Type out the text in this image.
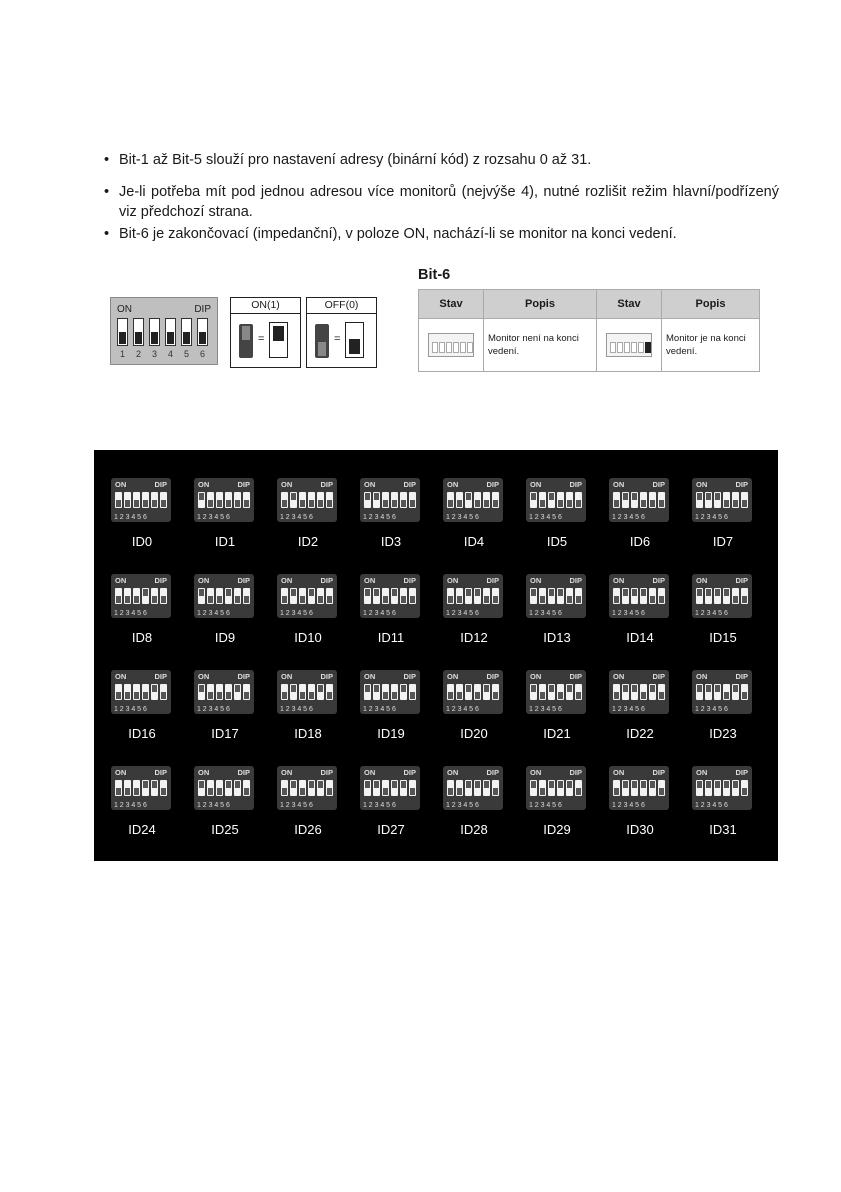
• Bit-1 až Bit-5 slouží pro nastavení adresy (binární kód) z rozsahu 0 až 31.
• Je-li potřeba mít pod jednou adresou více monitorů (nejvýše 4), nutné rozlišit režim hlavní/podřízený viz předchozí strana.
• Bit-6 je zakončovací (impedanční), v poloze ON, nachází-li se monitor na konci vedení.
ON	DIP
1	2	3	4	5	6
ON(1)
=
OFF(0)
=
Bit-6
Stav	Popis	Stav	Popis

	Monitor není na konci vedení.		Monitor je na konci vedení.
ON	DIP
123456
ID0
ON	DIP
123456
ID1
ON	DIP
123456
ID2
ON	DIP
123456
ID3
ON	DIP
123456
ID4
ON	DIP
123456
ID5
ON	DIP
123456
ID6
ON	DIP
123456
ID7
ON	DIP
123456
ID8
ON	DIP
123456
ID9
ON	DIP
123456
ID10
ON	DIP
123456
ID11
ON	DIP
123456
ID12
ON	DIP
123456
ID13
ON	DIP
123456
ID14
ON	DIP
123456
ID15
ON	DIP
123456
ID16
ON	DIP
123456
ID17
ON	DIP
123456
ID18
ON	DIP
123456
ID19
ON	DIP
123456
ID20
ON	DIP
123456
ID21
ON	DIP
123456
ID22
ON	DIP
123456
ID23
ON	DIP
123456
ID24
ON	DIP
123456
ID25
ON	DIP
123456
ID26
ON	DIP
123456
ID27
ON	DIP
123456
ID28
ON	DIP
123456
ID29
ON	DIP
123456
ID30
ON	DIP
123456
ID31
